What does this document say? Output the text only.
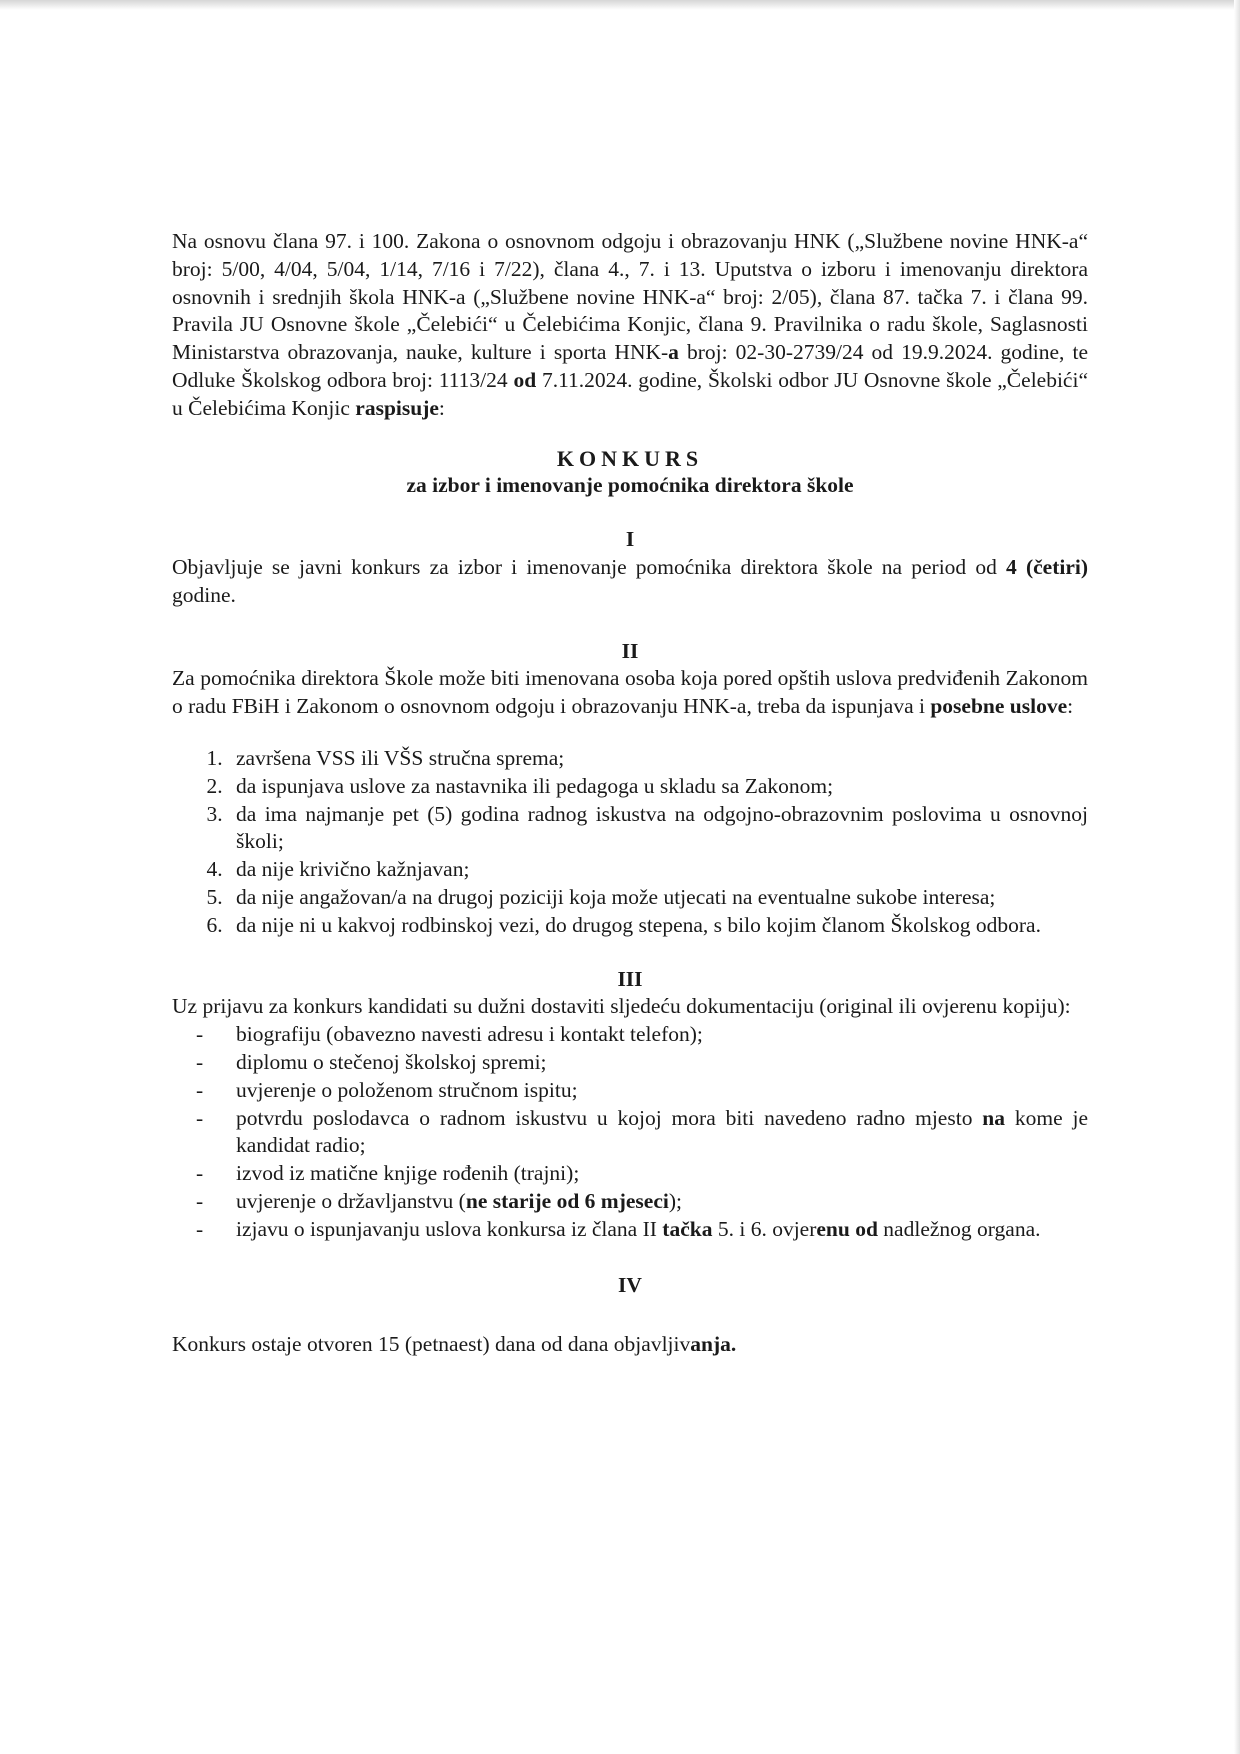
Na osnovu člana 97. i 100. Zakona o osnovnom odgoju i obrazovanju HNK („Službene novine HNK-a“ broj: 5/00, 4/04, 5/04, 1/14, 7/16 i 7/22), člana 4., 7. i 13. Uputstva o izboru i imenovanju direktora osnovnih i srednjih škola HNK-a („Službene novine HNK-a“ broj: 2/05), člana 87. tačka 7. i člana 99. Pravila JU Osnovne škole „Čelebići“ u Čelebićima Konjic, člana 9. Pravilnika o radu škole, Saglasnosti Ministarstva obrazovanja, nauke, kulture i sporta HNK-a broj: 02-30-2739/24 od 19.9.2024. godine, te Odluke Školskog odbora broj: 1113/24 od 7.11.2024. godine, Školski odbor JU Osnovne škole „Čelebići“ u Čelebićima Konjic raspisuje:

KONKURS

za izbor i imenovanje pomoćnika direktora škole

I

Objavljuje se javni konkurs za izbor i imenovanje pomoćnika direktora škole na period od 4 (četiri) godine.

II

Za pomoćnika direktora Škole može biti imenovana osoba koja pored opštih uslova predviđenih Zakonom o radu FBiH i Zakonom o osnovnom odgoju i obrazovanju HNK-a, treba da ispunjava i posebne uslove:

1. završena VSS ili VŠS stručna sprema;
2. da ispunjava uslove za nastavnika ili pedagoga u skladu sa Zakonom;
3. da ima najmanje pet (5) godina radnog iskustva na odgojno-obrazovnim poslovima u osnovnoj školi;
4. da nije krivično kažnjavan;
5. da nije angažovan/a na drugoj poziciji koja može utjecati na eventualne sukobe interesa;
6. da nije ni u kakvoj rodbinskoj vezi, do drugog stepena, s bilo kojim članom Školskog odbora.

III

Uz prijavu za konkurs kandidati su dužni dostaviti sljedeću dokumentaciju (original ili ovjerenu kopiju):

- biografiju (obavezno navesti adresu i kontakt telefon);
- diplomu o stečenoj školskoj spremi;
- uvjerenje o položenom stručnom ispitu;
- potvrdu poslodavca o radnom iskustvu u kojoj mora biti navedeno radno mjesto na kome je kandidat radio;
- izvod iz matične knjige rođenih (trajni);
- uvjerenje o državljanstvu (ne starije od 6 mjeseci);
- izjavu o ispunjavanju uslova konkursa iz člana II tačka 5. i 6. ovjerenu od nadležnog organa.

IV

Konkurs ostaje otvoren 15 (petnaest) dana od dana objavljivanja.
